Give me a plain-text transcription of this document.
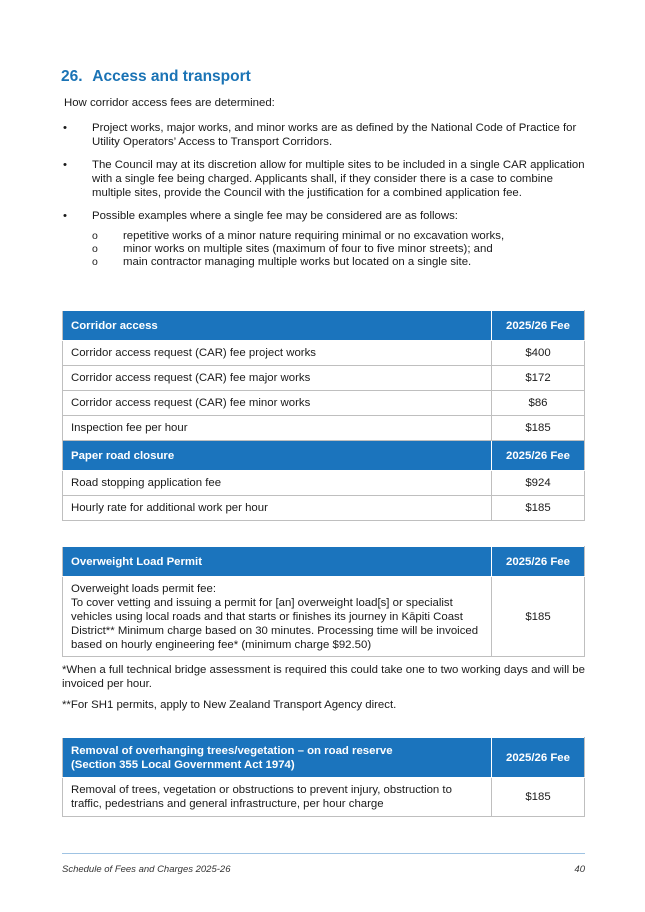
26. Access and transport
How corridor access fees are determined:
• Project works, major works, and minor works are as defined by the National Code of Practice for Utility Operators’ Access to Transport Corridors.
• The Council may at its discretion allow for multiple sites to be included in a single CAR application with a single fee being charged. Applicants shall, if they consider there is a case to combine multiple sites, provide the Council with the justification for a combined application fee.
• Possible examples where a single fee may be considered are as follows:
o repetitive works of a minor nature requiring minimal or no excavation works,
o minor works on multiple sites (maximum of four to five minor streets); and
o main contractor managing multiple works but located on a single site.
Corridor access	2025/26 Fee
Corridor access request (CAR) fee project works	$400
Corridor access request (CAR) fee major works	$172
Corridor access request (CAR) fee minor works	$86
Inspection fee per hour	$185
Paper road closure	2025/26 Fee
Road stopping application fee	$924
Hourly rate for additional work per hour	$185
Overweight Load Permit	2025/26 Fee

Overweight loads permit fee:
To cover vetting and issuing a permit for [an] overweight load[s] or specialist vehicles using local roads and that starts or finishes its journey in Kāpiti Coast District** Minimum charge based on 30 minutes. Processing time will be invoiced based on hourly engineering fee* (minimum charge $92.50)	$185
*When a full technical bridge assessment is required this could take one to two working days and will be invoiced per hour.
**For SH1 permits, apply to New Zealand Transport Agency direct.
Removal of overhanging trees/vegetation – on road reserve
(Section 355 Local Government Act 1974)	2025/26 Fee
Removal of trees, vegetation or obstructions to prevent injury, obstruction to traffic, pedestrians and general infrastructure, per hour charge	$185
Schedule of Fees and Charges 2025-26	40
